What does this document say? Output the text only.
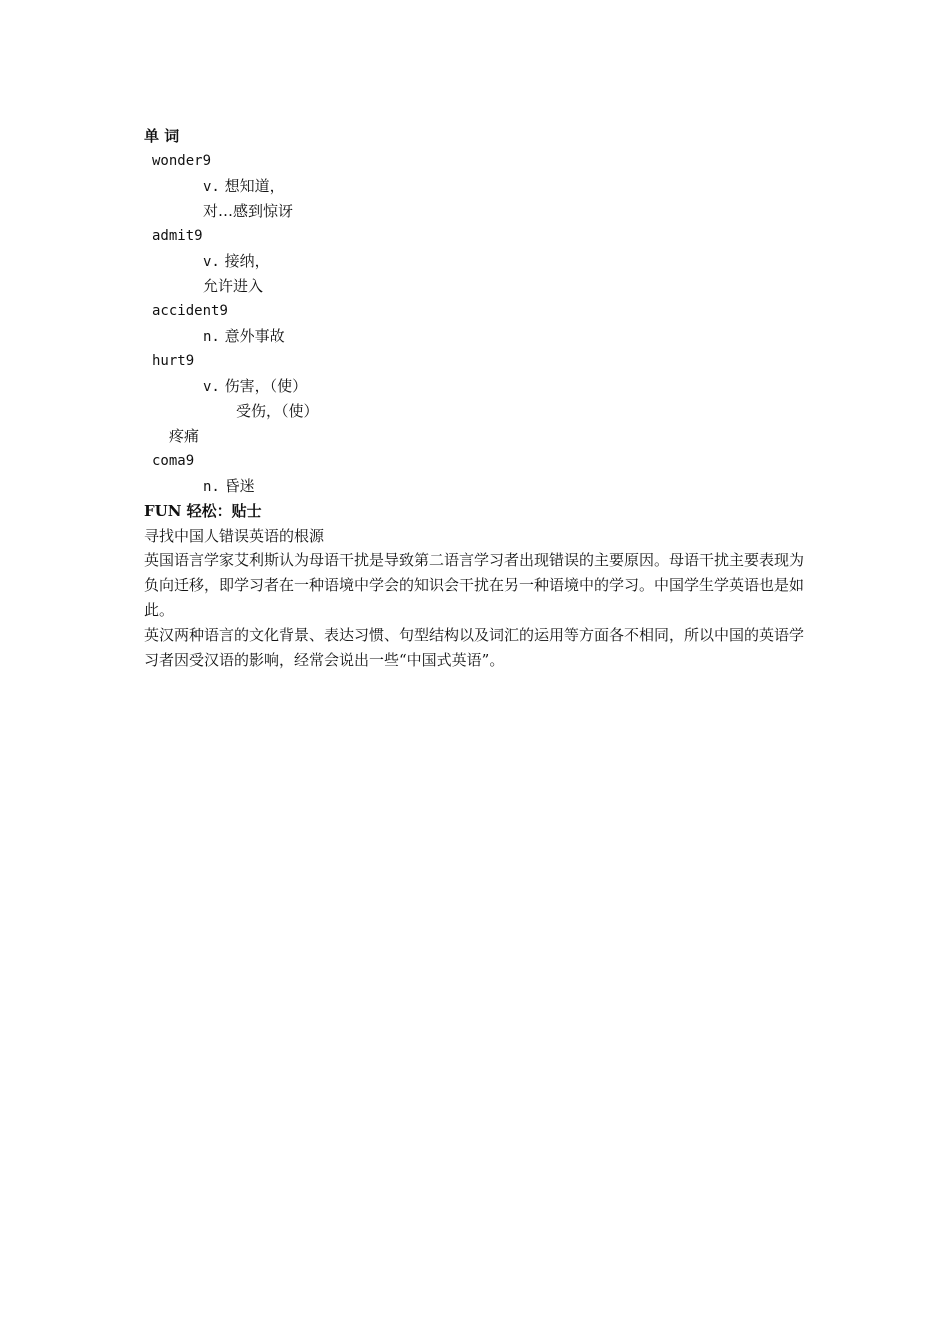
单 词
wonder9
v. 想知道，
对…感到惊讶
admit9
v. 接纳，
允许进入
accident9
n. 意外事故
hurt9
v. 伤害，（使）
受伤，（使）
疼痛
coma9
n. 昏迷
FUN 轻松：贴士
寻找中国人错误英语的根源
英国语言学家艾利斯认为母语干扰是导致第二语言学习者出现错误的主要原因。母语干扰主要表现为负向迁移，即学习者在一种语境中学会的知识会干扰在另一种语境中的学习。中国学生学英语也是如此。
英汉两种语言的文化背景、表达习惯、句型结构以及词汇的运用等方面各不相同，所以中国的英语学习者因受汉语的影响，经常会说出一些“中国式英语”。
